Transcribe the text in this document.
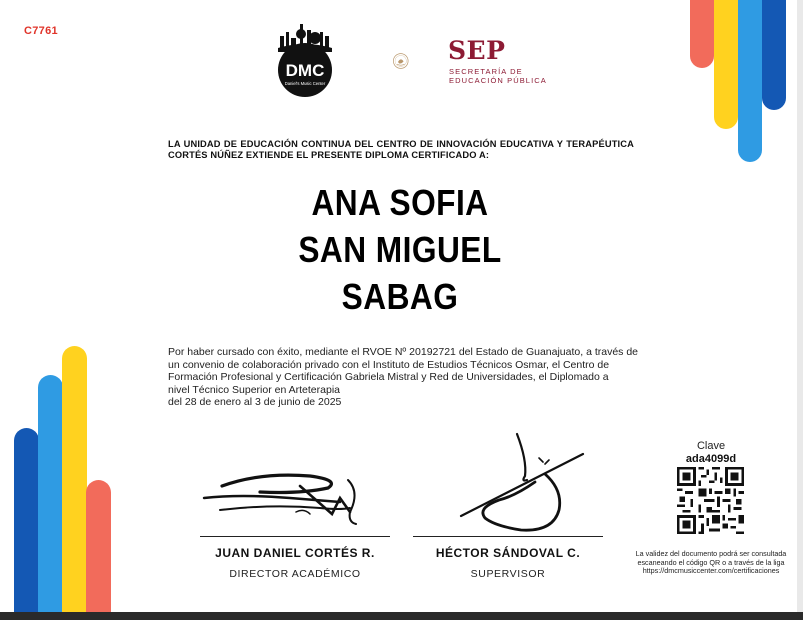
C7761
DMC
Daniel's Music Center
SEP
SECRETARÍA DE
EDUCACIÓN PÚBLICA
LA UNIDAD DE EDUCACIÓN CONTINUA DEL CENTRO DE INNOVACIÓN EDUCATIVA Y TERAPÉUTICA CORTÉS NÚÑEZ EXTIENDE EL PRESENTE DIPLOMA CERTIFICADO A:
ANA SOFIA
SAN MIGUEL
SABAG
Por haber cursado con éxito, mediante el RVOE Nº 20192721 del Estado de Guanajuato, a través de
un convenio de colaboración privado con el Instituto de Estudios Técnicos Osmar, el Centro de
Formación Profesional y Certificación Gabriela Mistral y Red de Universidades, el Diplomado a
nivel Técnico Superior en Arteterapia
del 28 de enero al 3 de junio de 2025
JUAN DANIEL CORTÉS R.
DIRECTOR ACADÉMICO
HÉCTOR SÁNDOVAL C.
SUPERVISOR
Clave
ada4099d
La validez del documento podrá ser consultada
escaneando el código QR o a través de la liga
https://dmcmusiccenter.com/certificaciones
